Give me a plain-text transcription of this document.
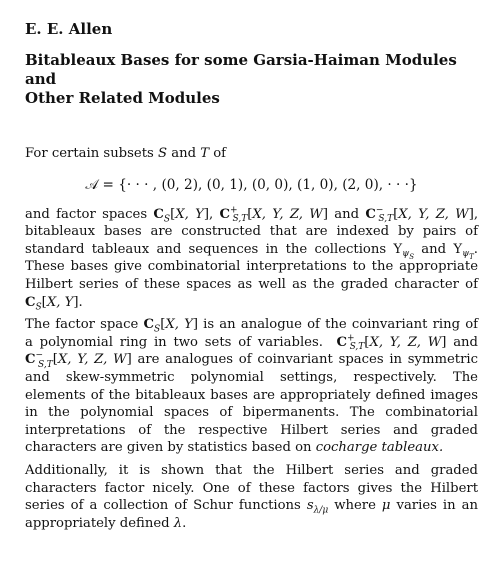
E. E. Allen

Bitableaux Bases for some Garsia-Haiman Modules and
Other Related Modules

For certain subsets S and T of

𝒜 = {· · · , (0, 2), (0, 1), (0, 0), (1, 0), (2, 0), · · ·}

and factor spaces $C_S[X$, Y], $C^+_{S,T}[X$, Y, Z, W] and $C^-_{S,T}[X$, Y, Z, W], bitableaux bases are constructed that are indexed by pairs of standard tableaux and sequences in the collections $\Upsilon_{\psi_S}$ and $\Upsilon_{\psi_T}$. These bases give combinatorial interpretations to the appropriate Hilbert series of these spaces as well as the graded character of $C_S[X$, Y].

The factor space $C_S[X$, Y] is an analogue of the coinvariant ring of a polynomial ring in two sets of variables.  $C^+_{S,T}[X$, Y, Z, W] and $C^-_{S,T}[X$, Y, Z, W] are analogues of coinvariant spaces in symmetric and skew-symmetric polynomial settings, respectively. The elements of the bitableaux bases are appropriately defined images in the polynomial spaces of bipermanents. The combinatorial interpretations of the respective Hilbert series and graded characters are given by statistics based on cocharge tableaux.

Additionally, it is shown that the Hilbert series and graded characters factor nicely. One of these factors gives the Hilbert series of a collection of Schur functions $s_{\lambda/\mu}$ where μ varies in an appropriately defined λ.
